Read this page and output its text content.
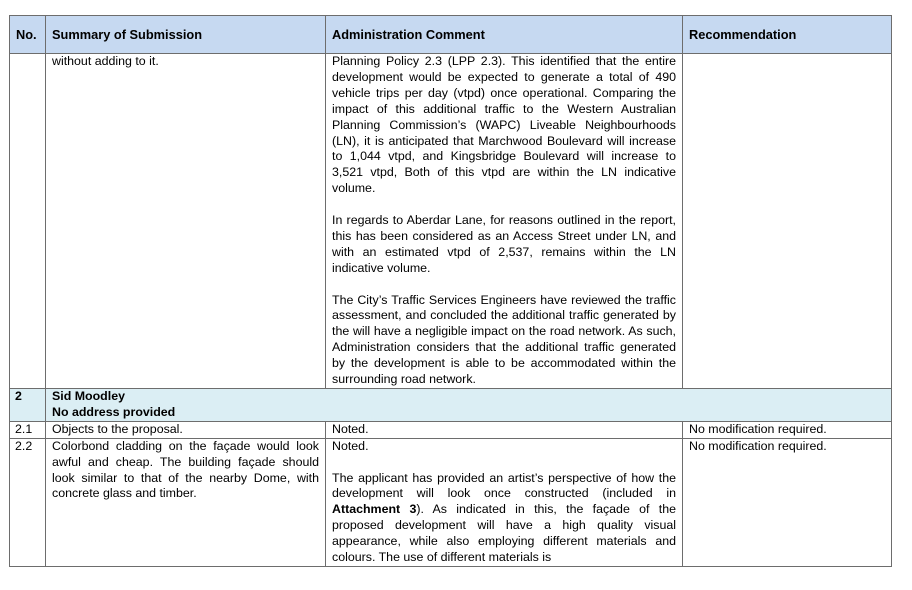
No.	Summary of Submission	Administration Comment	Recommendation
	without adding to it.	Planning Policy 2.3 (LPP 2.3). This identified that the entire development would be expected to generate a total of 490 vehicle trips per day (vtpd) once operational. Comparing the impact of this additional traffic to the Western Australian Planning Commission’s (WAPC) Liveable Neighbourhoods (LN), it is anticipated that Marchwood Boulevard will increase to 1,044 vtpd, and Kingsbridge Boulevard will increase to 3,521 vtpd, Both of this vtpd are within the LN indicative volume.

In regards to Aberdar Lane, for reasons outlined in the report, this has been considered as an Access Street under LN, and with an estimated vtpd of 2,537, remains within the LN indicative volume.

The City’s Traffic Services Engineers have reviewed the traffic assessment, and concluded the additional traffic generated by the will have a negligible impact on the road network. As such, Administration considers that the additional traffic generated by the development is able to be accommodated within the surrounding road network.	

2	Sid Moodley
No address provided		

2.1	Objects to the proposal.	Noted.	No modification required.
2.2	Colorbond cladding on the façade would look awful and cheap. The building façade should look similar to that of the nearby Dome, with concrete glass and timber.	Noted.

The applicant has provided an artist’s perspective of how the development will look once constructed (included in Attachment 3). As indicated in this, the façade of the proposed development will have a high quality visual appearance, while also employing different materials and colours. The use of different materials is	No modification required.
